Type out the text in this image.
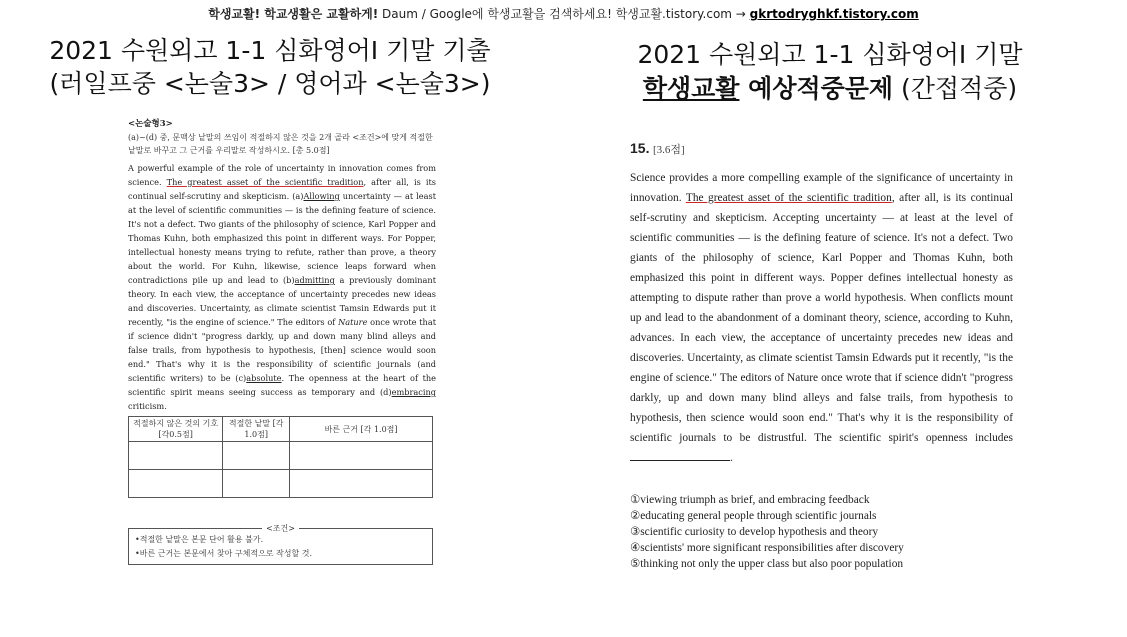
학생교활! 학교생활은 교활하게! Daum / Google에 학생교활을 검색하세요! 학생교활.tistory.com → gkrtodryghkf.tistory.com
2021 수원외고 1-1 심화영어I 기말 기출
(러일프중 <논술3> / 영어과 <논술3>)
2021 수원외고 1-1 심화영어I 기말
학생교활 예상적중문제 (간접적중)
<논술형3>
(a)~(d) 중, 문맥상 낱말의 쓰임이 적절하지 않은 것을 2개 골라 <조건>에 맞게 적절한 낱말로 바꾸고 그 근거를 우리말로 작성하시오. [총 5.0점]
A powerful example of the role of uncertainty in innovation comes from science. The greatest asset of the scientific tradition, after all, is its continual self-scrutiny and skepticism. (a)Allowing uncertainty — at least at the level of scientific communities — is the defining feature of science. It's not a defect. Two giants of the philosophy of science, Karl Popper and Thomas Kuhn, both emphasized this point in different ways. For Popper, intellectual honesty means trying to refute, rather than prove, a theory about the world. For Kuhn, likewise, science leaps forward when contradictions pile up and lead to (b)admitting a previously dominant theory. In each view, the acceptance of uncertainty precedes new ideas and discoveries. Uncertainty, as climate scientist Tamsin Edwards put it recently, "is the engine of science." The editors of Nature once wrote that if science didn't "progress darkly, up and down many blind alleys and false trails, from hypothesis to hypothesis, [then] science would soon end." That's why it is the responsibility of scientific journals (and scientific writers) to be (c)absolute. The openness at the heart of the scientific spirit means seeing success as temporary and (d)embracing criticism.
적절하지 않은 것의 기호 [각0.5점]	적절한 낱말 [각 1.0점]	바른 근거 [각 1.0점]

<조건>
•적절한 낱말은 본문 단어 활용 불가.
•바른 근거는 본문에서 찾아 구체적으로 작성할 것.
15. [3.6점]
Science provides a more compelling example of the significance of uncertainty in innovation. The greatest asset of the scientific tradition, after all, is its continual self-scrutiny and skepticism. Accepting uncertainty — at least at the level of scientific communities — is the defining feature of science. It's not a defect. Two giants of the philosophy of science, Karl Popper and Thomas Kuhn, both emphasized this point in different ways. Popper defines intellectual honesty as attempting to dispute rather than prove a world hypothesis. When conflicts mount up and lead to the abandonment of a dominant theory, science, according to Kuhn, advances. In each view, the acceptance of uncertainty precedes new ideas and discoveries. Uncertainty, as climate scientist Tamsin Edwards put it recently, "is the engine of science." The editors of Nature once wrote that if science didn't "progress darkly, up and down many blind alleys and false trails, from hypothesis to hypothesis, then science would soon end." That's why it is the responsibility of scientific journals to be distrustful. The scientific spirit's openness includes .
①viewing triumph as brief, and embracing feedback
②educating general people through scientific journals
③scientific curiosity to develop hypothesis and theory
④scientists' more significant responsibilities after discovery
⑤thinking not only the upper class but also poor population
